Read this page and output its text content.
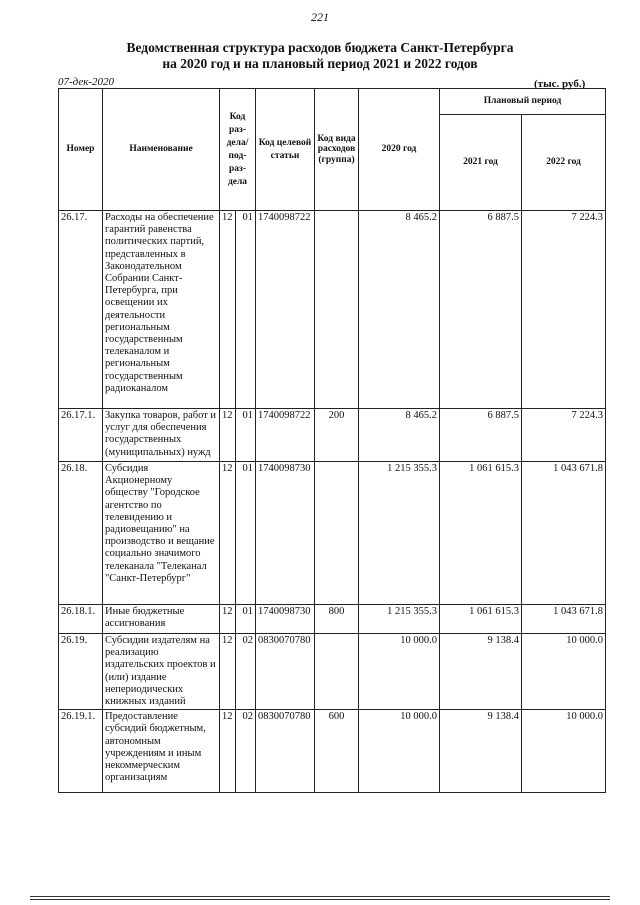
221
Ведомственная структура расходов бюджета Санкт-Петербурга
на 2020 год и на плановый период 2021 и 2022 годов
07-дек-2020	(тыс. руб.)
Номер	Наименование	Код раз- дела/ под- раз- дела		Код целевой статьи	Код вида расходов (группа)	2020 год	Плановый период	
							2021 год	2022 год
26.17.	Расходы на обеспечение гарантий равенства политических партий, представленных в Законодательном Собрании Санкт-Петербурга, при освещении их деятельности региональным государственным телеканалом и региональным государственным радиоканалом	12	01	1740098722		8 465.2	6 887.5	7 224.3
26.17.1.	Закупка товаров, работ и услуг для обеспечения государственных (муниципальных) нужд	12	01	1740098722	200	8 465.2	6 887.5	7 224.3
26.18.	Субсидия Акционерному обществу "Городское агентство по телевидению и радиовещанию" на производство и вещание социально значимого телеканала "Телеканал "Санкт-Петербург"	12	01	1740098730		1 215 355.3	1 061 615.3	1 043 671.8
26.18.1.	Иные бюджетные ассигнования	12	01	1740098730	800	1 215 355.3	1 061 615.3	1 043 671.8
26.19.	Субсидии издателям на реализацию издательских проектов и (или) издание непериодических книжных изданий	12	02	0830070780		10 000.0	9 138.4	10 000.0
26.19.1.	Предоставление субсидий бюджетным, автономным учреждениям и иным некоммерческим организациям	12	02	0830070780	600	10 000.0	9 138.4	10 000.0
